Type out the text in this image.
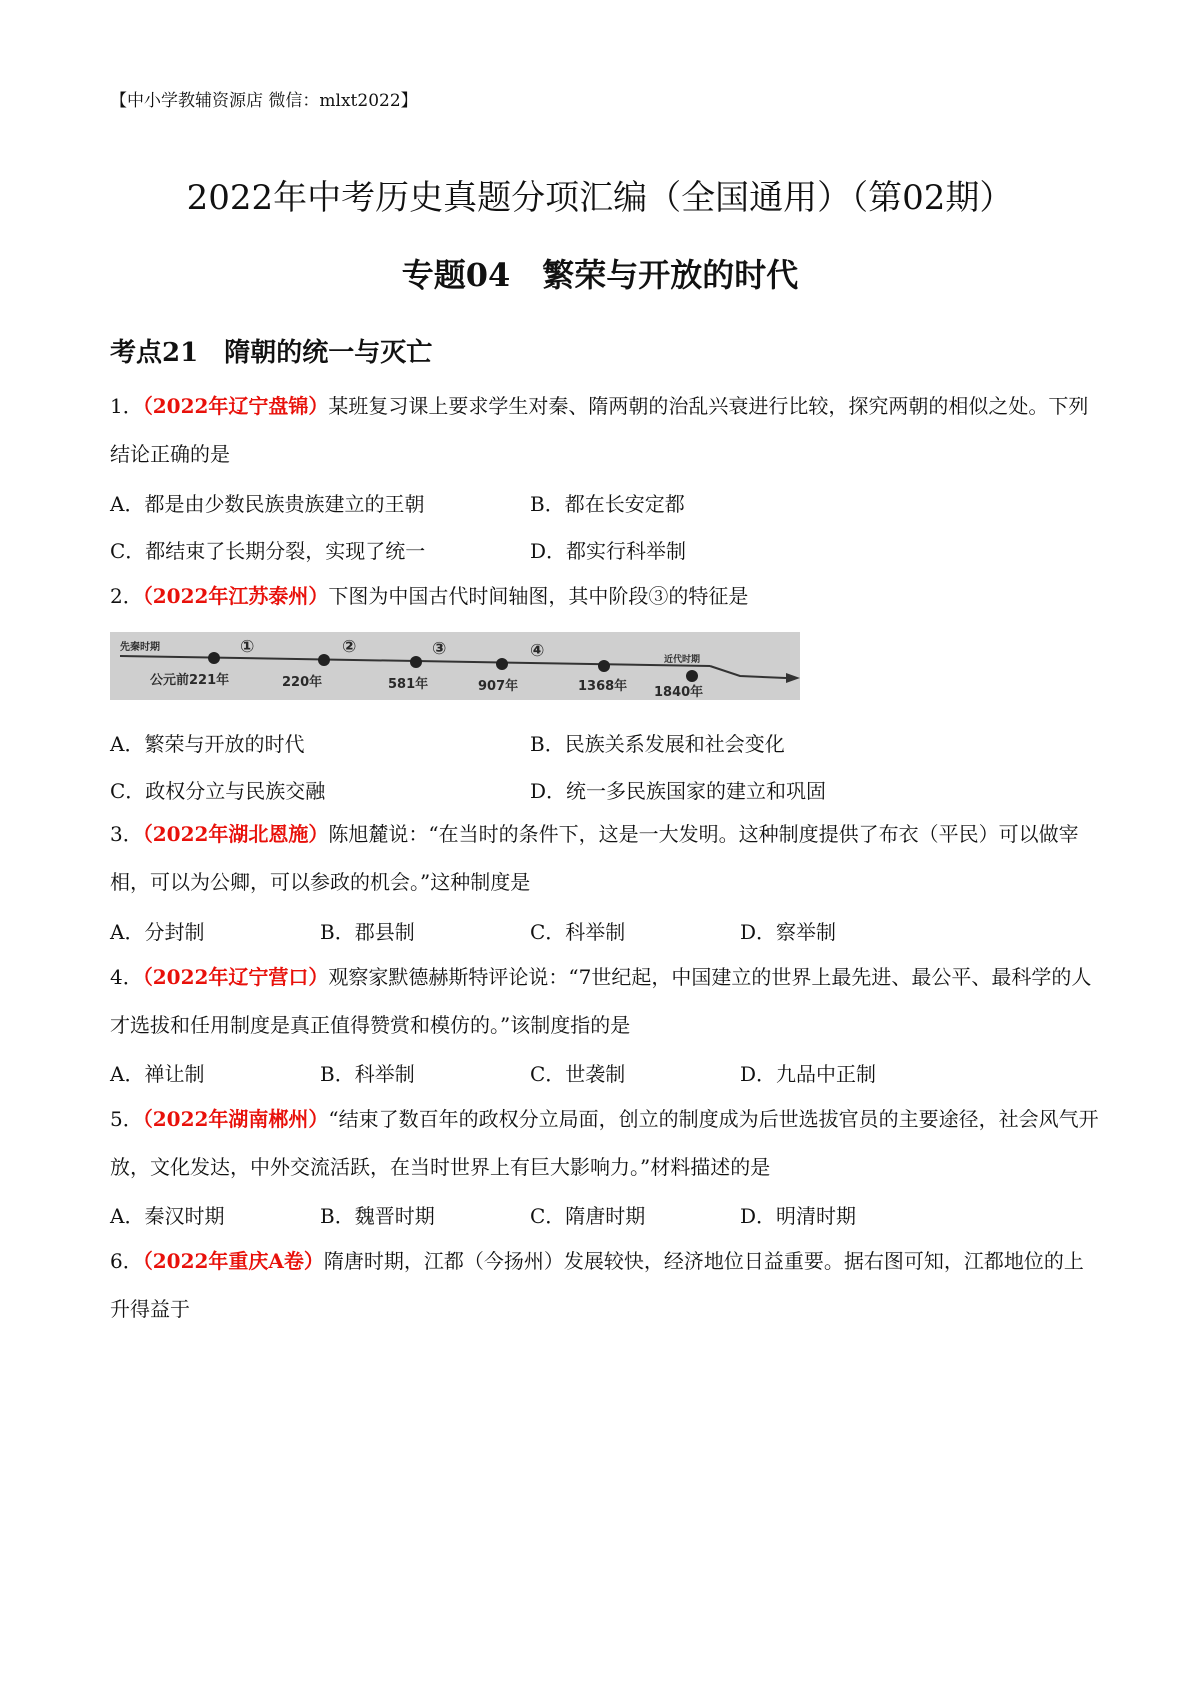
【中小学教辅资源店 微信：mlxt2022】
2022年中考历史真题分项汇编（全国通用）（第02期）
专题04　繁荣与开放的时代
考点21 隋朝的统一与灭亡
1．（2022年辽宁盘锦）某班复习课上要求学生对秦、隋两朝的治乱兴衰进行比较，探究两朝的相似之处。下列结论正确的是
A．都是由少数民族贵族建立的王朝	B．都在长安定都
C．都结束了长期分裂，实现了统一	D．都实行科举制
2．（2022年江苏泰州）下图为中国古代时间轴图，其中阶段③的特征是
先秦时期
近代时期
①	②	③	④
公元前221年	220年	581年	907年	1368年 1840年
A．繁荣与开放的时代	B．民族关系发展和社会变化
C．政权分立与民族交融	D．统一多民族国家的建立和巩固
3．（2022年湖北恩施）陈旭麓说：“在当时的条件下，这是一大发明。这种制度提供了布衣（平民）可以做宰相，可以为公卿，可以参政的机会。”这种制度是
A．分封制	B．郡县制	C．科举制	D．察举制
4．（2022年辽宁营口）观察家默德赫斯特评论说：“7世纪起，中国建立的世界上最先进、最公平、最科学的人才选拔和任用制度是真正值得赞赏和模仿的。”该制度指的是
A．禅让制	B．科举制	C．世袭制	D．九品中正制
5．（2022年湖南郴州）“结束了数百年的政权分立局面，创立的制度成为后世选拔官员的主要途径，社会风气开放，文化发达，中外交流活跃，在当时世界上有巨大影响力。”材料描述的是
A．秦汉时期	B．魏晋时期	C．隋唐时期	D．明清时期
6．（2022年重庆A卷）隋唐时期，江都（今扬州）发展较快，经济地位日益重要。据右图可知，江都地位的上升得益于
